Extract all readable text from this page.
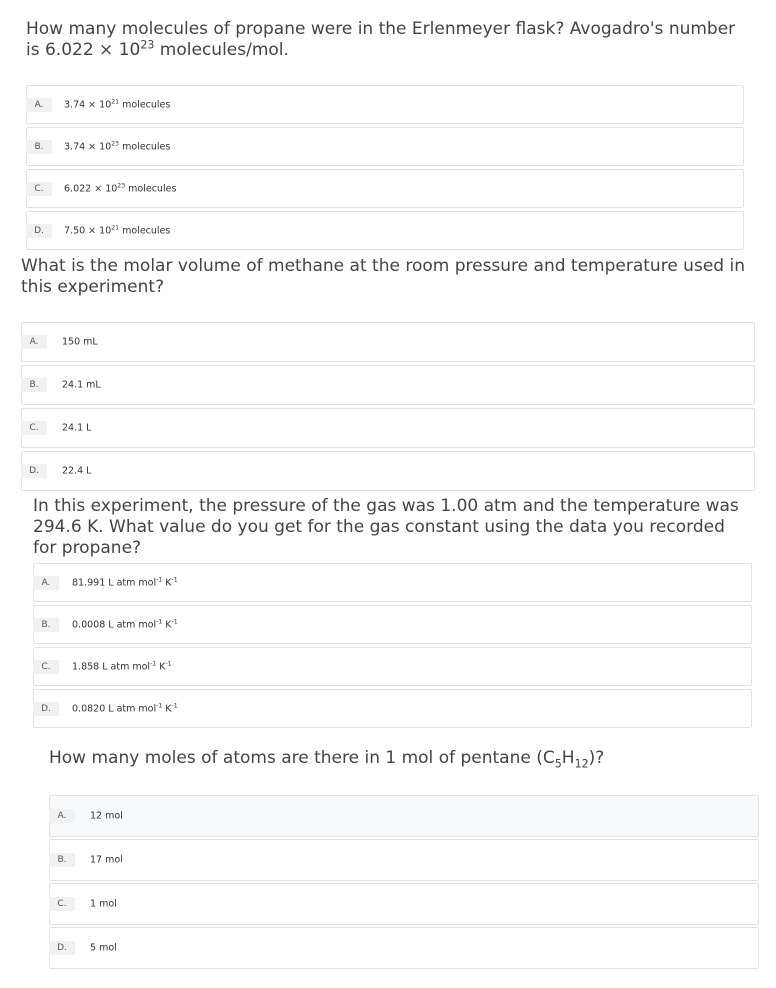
How many molecules of propane were in the Erlenmeyer flask? Avogadro's number is $6.022 \times 10^{23}$ molecules/mol.

A.	$3.74 \times 10^{21}$ molecules
B.	$3.74 \times 10^{23}$ molecules
C.	$6.022 \times 10^{23}$ molecules
D.	$7.50 \times 10^{21}$ molecules

What is the molar volume of methane at the room pressure and temperature used in this experiment?

A.	150 mL
B.	24.1 mL
C.	24.1 L
D.	22.4 L

In this experiment, the pressure of the gas was 1.00 atm and the temperature was 294.6 K. What value do you get for the gas constant using the data you recorded for propane?

A.	81.991 L atm mol$^{-1}$ $K^{-1}$
B.	0.0008 L atm mol$^{-1}$ $K^{-1}$
C.	1.858 L atm mol$^{-1}$ $K^{-1}$
D.	0.0820 L atm mol$^{-1}$ $K^{-1}$

How many moles of atoms are there in 1 mol of pentane $(C_5H_{12})$?

A.	12 mol
B.	17 mol
C.	1 mol
D.	5 mol
